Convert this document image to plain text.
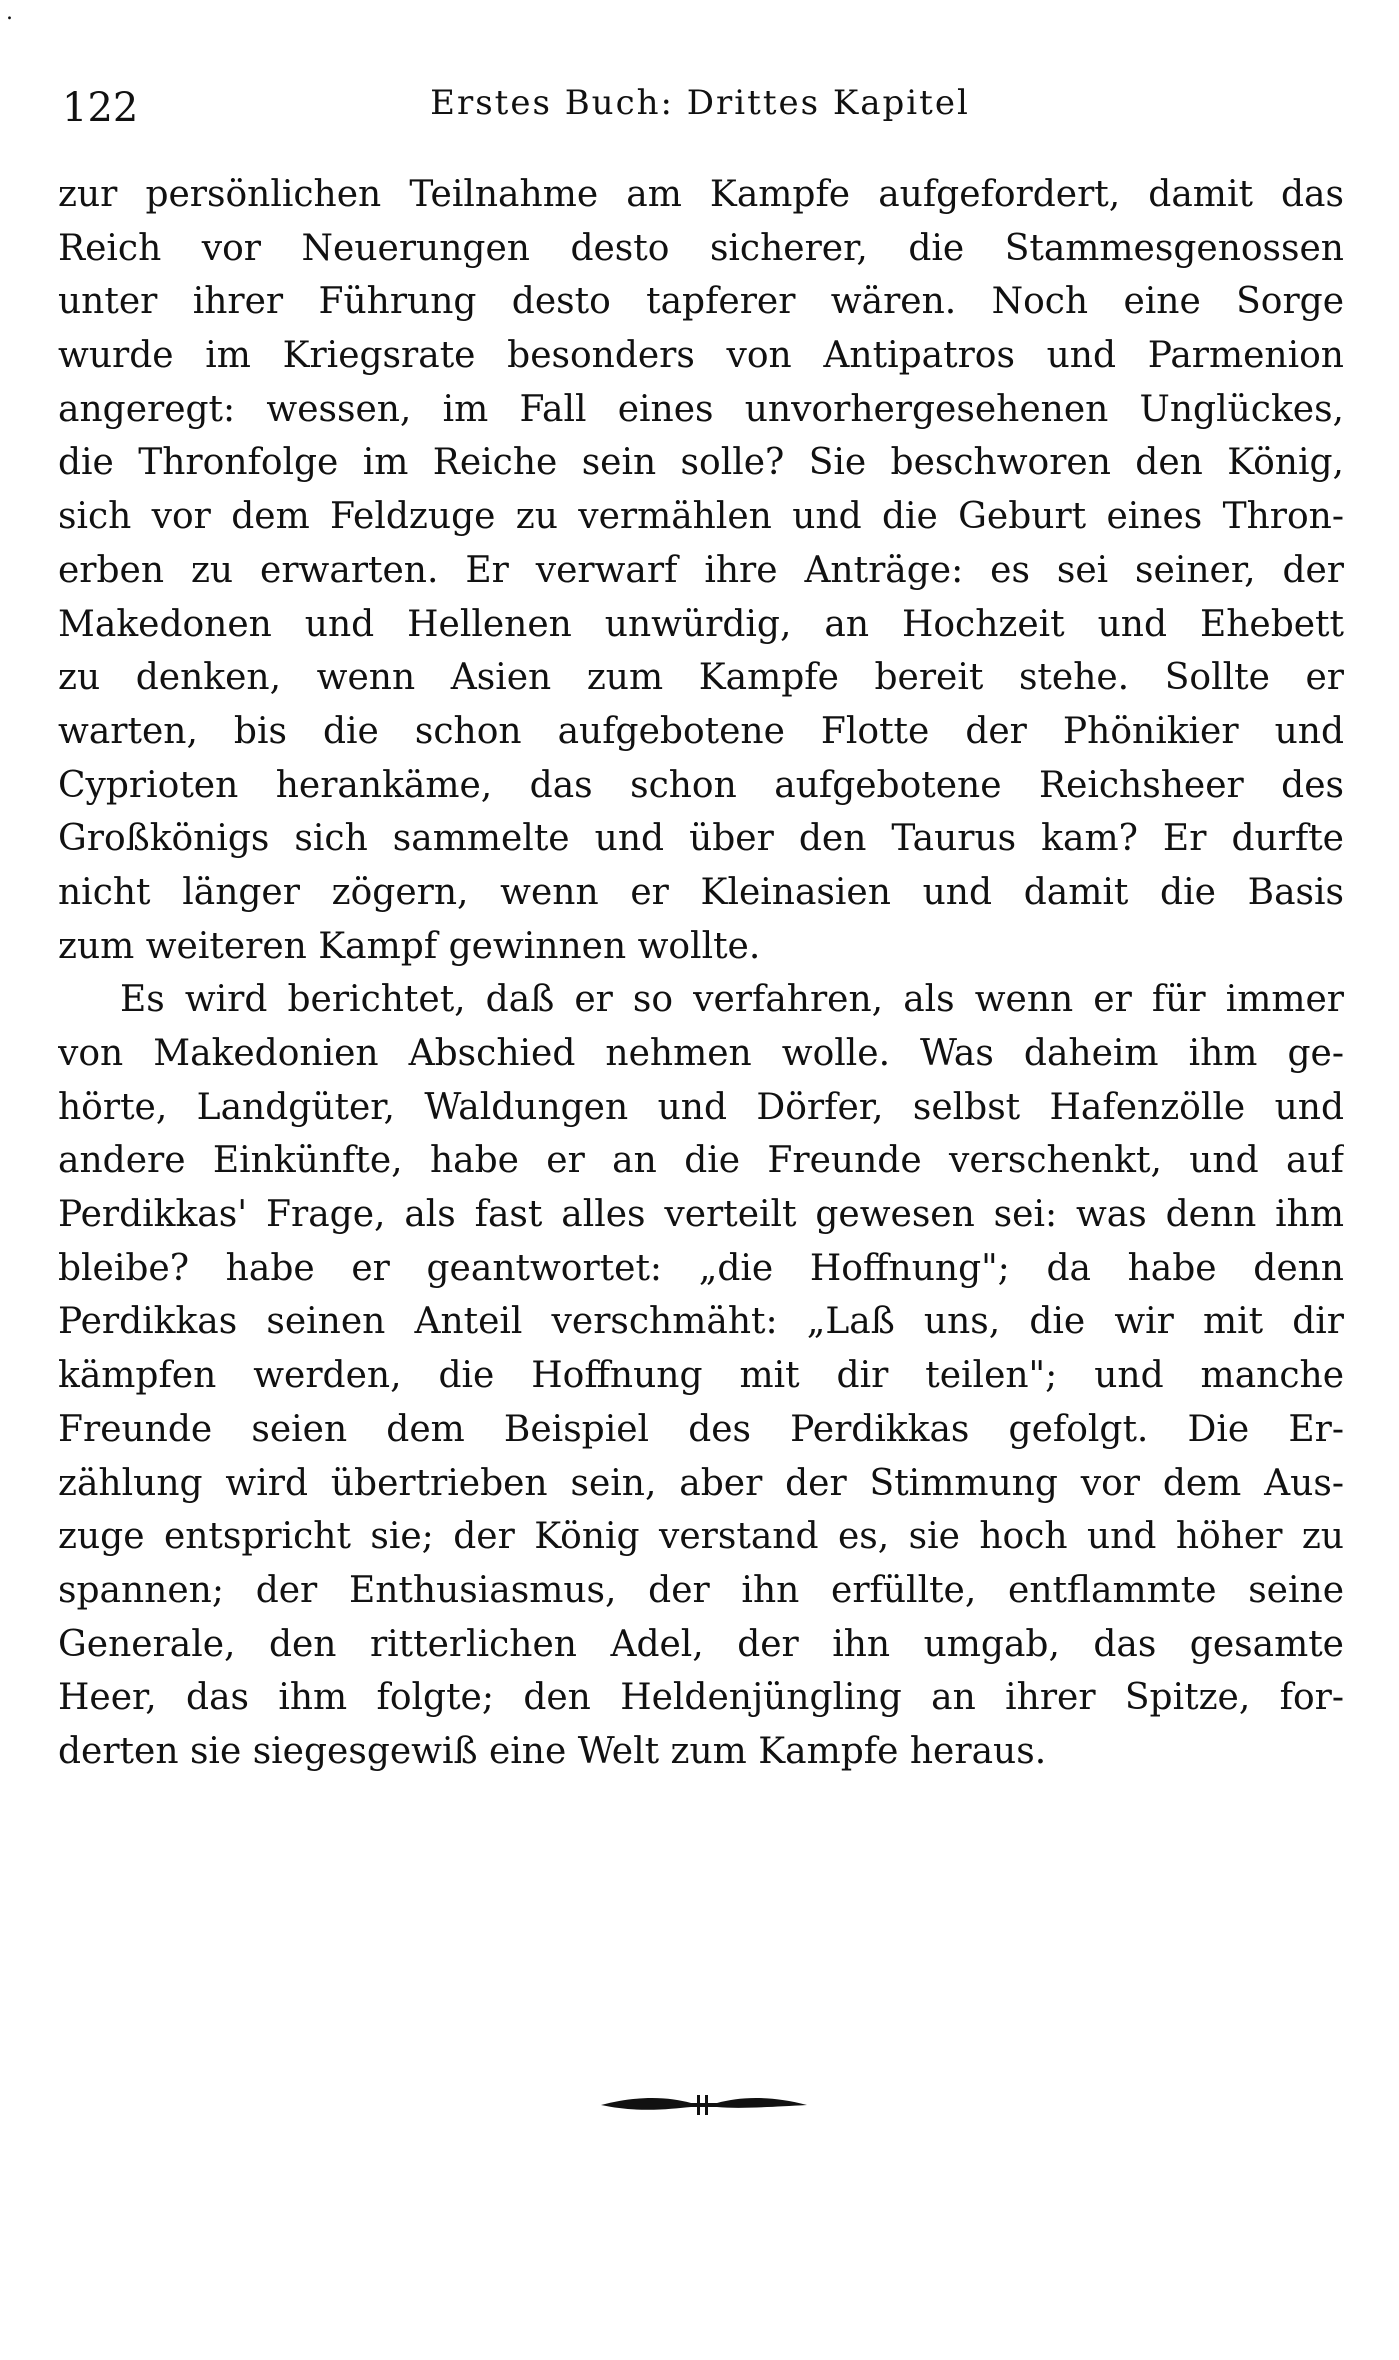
.
122	Erstes Buch: Drittes Kapitel
zur persönlichen Teilnahme am Kampfe aufgefordert, damit das
Reich vor Neuerungen desto sicherer, die Stammesgenossen
unter ihrer Führung desto tapferer wären. Noch eine Sorge
wurde im Kriegsrate besonders von Antipatros und Parmenion
angeregt: wessen, im Fall eines unvorhergesehenen Unglückes,
die Thronfolge im Reiche sein solle? Sie beschworen den König,
sich vor dem Feldzuge zu vermählen und die Geburt eines Thron-
erben zu erwarten. Er verwarf ihre Anträge: es sei seiner, der
Makedonen und Hellenen unwürdig, an Hochzeit und Ehebett
zu denken, wenn Asien zum Kampfe bereit stehe. Sollte er
warten, bis die schon aufgebotene Flotte der Phönikier und
Cyprioten herankäme, das schon aufgebotene Reichsheer des
Großkönigs sich sammelte und über den Taurus kam? Er durfte
nicht länger zögern, wenn er Kleinasien und damit die Basis
zum weiteren Kampf gewinnen wollte.
Es wird berichtet, daß er so verfahren, als wenn er für immer
von Makedonien Abschied nehmen wolle. Was daheim ihm ge-
hörte, Landgüter, Waldungen und Dörfer, selbst Hafenzölle und
andere Einkünfte, habe er an die Freunde verschenkt, und auf
Perdikkas' Frage, als fast alles verteilt gewesen sei: was denn ihm
bleibe? habe er geantwortet: „die Hoffnung"; da habe denn
Perdikkas seinen Anteil verschmäht: „Laß uns, die wir mit dir
kämpfen werden, die Hoffnung mit dir teilen"; und manche
Freunde seien dem Beispiel des Perdikkas gefolgt. Die Er-
zählung wird übertrieben sein, aber der Stimmung vor dem Aus-
zuge entspricht sie; der König verstand es, sie hoch und höher zu
spannen; der Enthusiasmus, der ihn erfüllte, entflammte seine
Generale, den ritterlichen Adel, der ihn umgab, das gesamte
Heer, das ihm folgte; den Heldenjüngling an ihrer Spitze, for-
derten sie siegesgewiß eine Welt zum Kampfe heraus.
